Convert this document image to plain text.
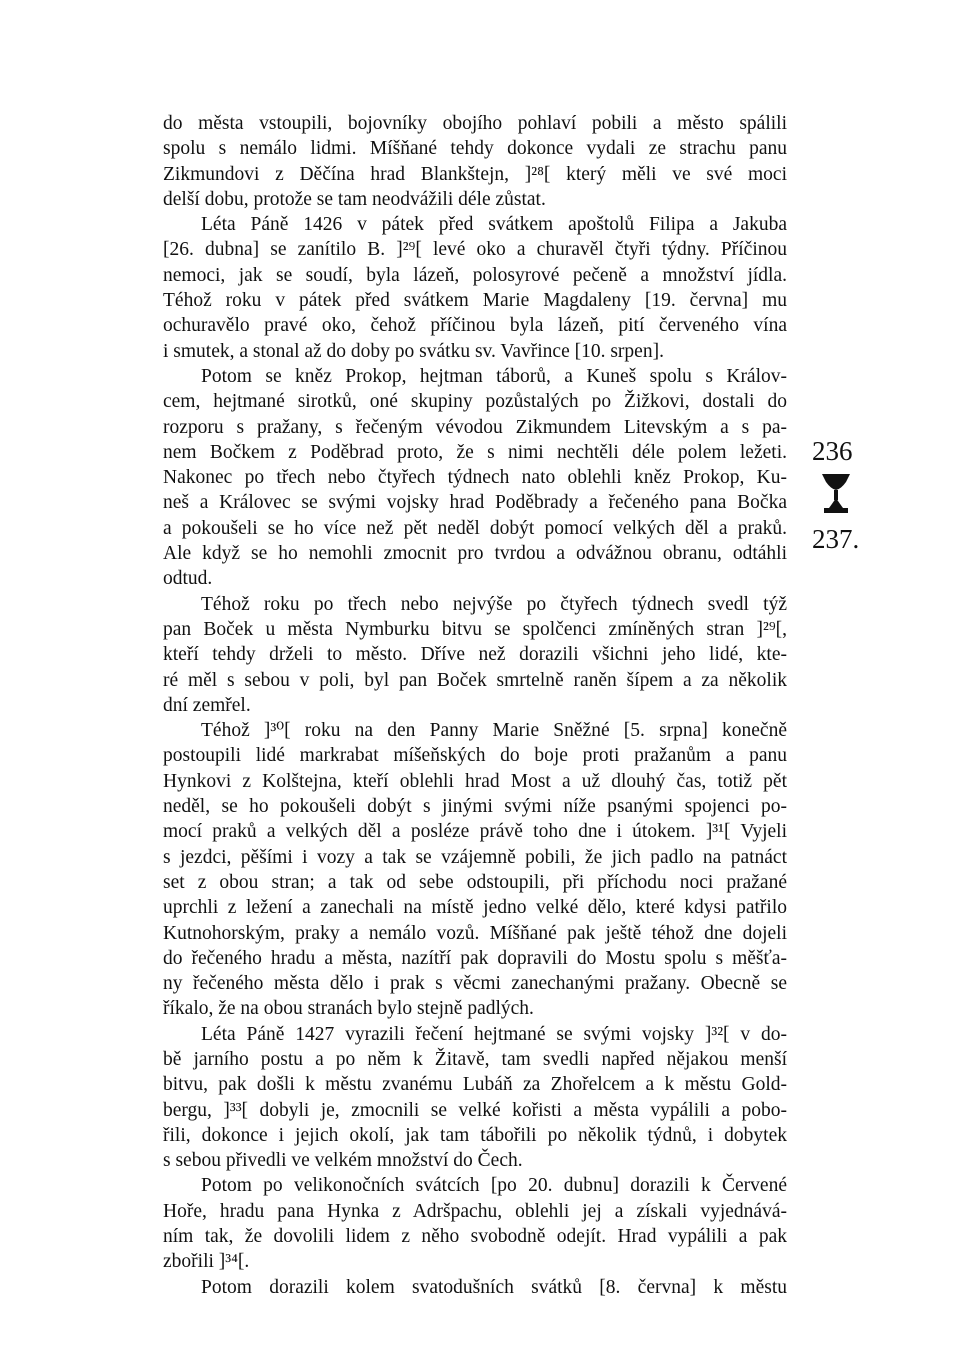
do města vstoupili, bojovníky obojího pohlaví pobili a město spálili
spolu s nemálo lidmi. Míšňané tehdy dokonce vydali ze strachu panu
Zikmundovi z Děčína hrad Blankštejn, ]²⁸[ který měli ve své moci
delší dobu, protože se tam neodvážili déle zůstat.
Léta Páně 1426 v pátek před svátkem apoštolů Filipa a Jakuba
[26. dubna] se zanítilo B. ]²⁹[ levé oko a churavěl čtyři týdny. Příčinou
nemoci, jak se soudí, byla lázeň, polosyrové pečeně a množství jídla.
Téhož roku v pátek před svátkem Marie Magdaleny [19. června] mu
ochuravělo pravé oko, čehož příčinou byla lázeň, pití červeného vína
i smutek, a stonal až do doby po svátku sv. Vavřince [10. srpen].
Potom se kněz Prokop, hejtman táborů, a Kuneš spolu s Králov-
cem, hejtmané sirotků, oné skupiny pozůstalých po Žižkovi, dostali do
rozporu s pražany, s řečeným vévodou Zikmundem Litevským a s pa-
nem Bočkem z Poděbrad proto, že s nimi nechtěli déle polem ležeti.
Nakonec po třech nebo čtyřech týdnech nato oblehli kněz Prokop, Ku-
neš a Královec se svými vojsky hrad Poděbrady a řečeného pana Bočka
a pokoušeli se ho více než pět neděl dobýt pomocí velkých děl a praků.
Ale když se ho nemohli zmocnit pro tvrdou a odvážnou obranu, odtáhli
odtud.
Téhož roku po třech nebo nejvýše po čtyřech týdnech svedl týž
pan Boček u města Nymburku bitvu se spolčenci zmíněných stran ]²⁹[,
kteří tehdy drželi to město. Dříve než dorazili všichni jeho lidé, kte-
ré měl s sebou v poli, byl pan Boček smrtelně raněn šípem a za několik
dní zemřel.
Téhož ]³⁰[ roku na den Panny Marie Sněžné [5. srpna] konečně
postoupili lidé markrabat míšeňských do boje proti pražanům a panu
Hynkovi z Kolštejna, kteří oblehli hrad Most a už dlouhý čas, totiž pět
neděl, se ho pokoušeli dobýt s jinými svými níže psanými spojenci po-
mocí praků a velkých děl a posléze právě toho dne i útokem. ]³¹[ Vyjeli
s jezdci, pěšími i vozy a tak se vzájemně pobili, že jich padlo na patnáct
set z obou stran; a tak od sebe odstoupili, při příchodu noci pražané
uprchli z ležení a zanechali na místě jedno velké dělo, které kdysi patřilo
Kutnohorským, praky a nemálo vozů. Míšňané pak ještě téhož dne dojeli
do řečeného hradu a města, nazítří pak dopravili do Mostu spolu s měšťa-
ny řečeného města dělo i prak s věcmi zanechanými pražany. Obecně se
říkalo, že na obou stranách bylo stejně padlých.
Léta Páně 1427 vyrazili řečení hejtmané se svými vojsky ]³²[ v do-
bě jarního postu a po něm k Žitavě, tam svedli napřed nějakou menší
bitvu, pak došli k městu zvanému Lubáň za Zhořelcem a k městu Gold-
bergu, ]³³[ dobyli je, zmocnili se velké kořisti a města vypálili a pobo-
řili, dokonce i jejich okolí, jak tam tábořili po několik týdnů, i dobytek
s sebou přivedli ve velkém množství do Čech.
Potom po velikonočních svátcích [po 20. dubnu] dorazili k Červené
Hoře, hradu pana Hynka z Adršpachu, oblehli jej a získali vyjednává-
ním tak, že dovolili lidem z něho svobodně odejít. Hrad vypálili a pak
zbořili ]³⁴[.
Potom dorazili kolem svatodušních svátků [8. června] k městu
236
237.
